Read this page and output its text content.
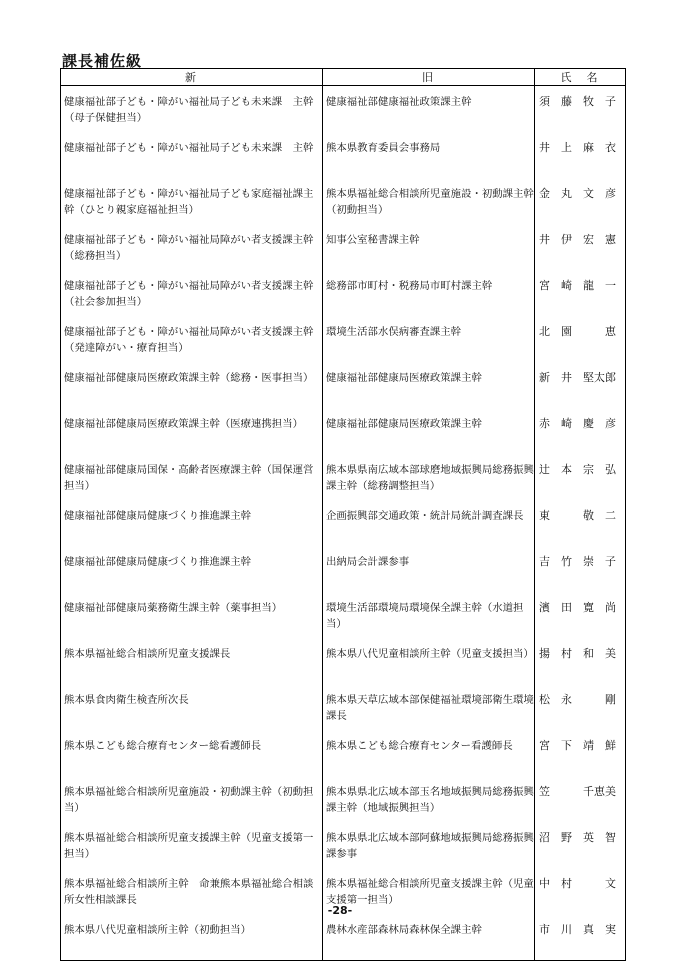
課長補佐級
新	旧	氏　名

健康福祉部子ども・障がい福祉局子ども未来課　主幹（母子保健担当）	健康福祉部健康福祉政策課主幹	須　藤　牧　子

健康福祉部子ども・障がい福祉局子ども未来課　主幹	熊本県教育委員会事務局	井　上　麻　衣

健康福祉部子ども・障がい福祉局子ども家庭福祉課主幹（ひとり親家庭福祉担当）	熊本県福祉総合相談所児童施設・初動課主幹（初動担当）	金　丸　文　彦

健康福祉部子ども・障がい福祉局障がい者支援課主幹（総務担当）	知事公室秘書課主幹	井　伊　宏　憲

健康福祉部子ども・障がい福祉局障がい者支援課主幹（社会参加担当）	総務部市町村・税務局市町村課主幹	宮　崎　龍　一

健康福祉部子ども・障がい福祉局障がい者支援課主幹（発達障がい・療育担当）	環境生活部水俣病審査課主幹	北　園　　　恵

健康福祉部健康局医療政策課主幹（総務・医事担当）	健康福祉部健康局医療政策課主幹	新　井　堅太郎

健康福祉部健康局医療政策課主幹（医療連携担当）	健康福祉部健康局医療政策課主幹	赤　崎　慶　彦

健康福祉部健康局国保・高齢者医療課主幹（国保運営担当）	熊本県県南広域本部球磨地域振興局総務振興課主幹（総務調整担当）	辻　本　宗　弘

健康福祉部健康局健康づくり推進課主幹	企画振興部交通政策・統計局統計調査課長	東　　　敬　二

健康福祉部健康局健康づくり推進課主幹	出納局会計課参事	吉　竹　崇　子

健康福祉部健康局薬務衛生課主幹（薬事担当）	環境生活部環境局環境保全課主幹（水道担当）	濱　田　寛　尚

熊本県福祉総合相談所児童支援課長	熊本県八代児童相談所主幹（児童支援担当）	揚　村　和　美

熊本県食肉衛生検査所次長	熊本県天草広域本部保健福祉環境部衛生環境課長	松　永　　　剛

熊本県こども総合療育センター総看護師長	熊本県こども総合療育センター看護師長	宮　下　靖　鮮

熊本県福祉総合相談所児童施設・初動課主幹（初動担当）	熊本県県北広域本部玉名地域振興局総務振興課主幹（地域振興担当）	笠　　　千恵美

熊本県福祉総合相談所児童支援課主幹（児童支援第一担当）	熊本県県北広域本部阿蘇地域振興局総務振興課参事	沼　野　英　智

熊本県福祉総合相談所主幹　命兼熊本県福祉総合相談所女性相談課長	熊本県福祉総合相談所児童支援課主幹（児童支援第一担当）	中　村　　　文

熊本県八代児童相談所主幹（初動担当）	農林水産部森林局森林保全課主幹	市　川　真　実

-28-
